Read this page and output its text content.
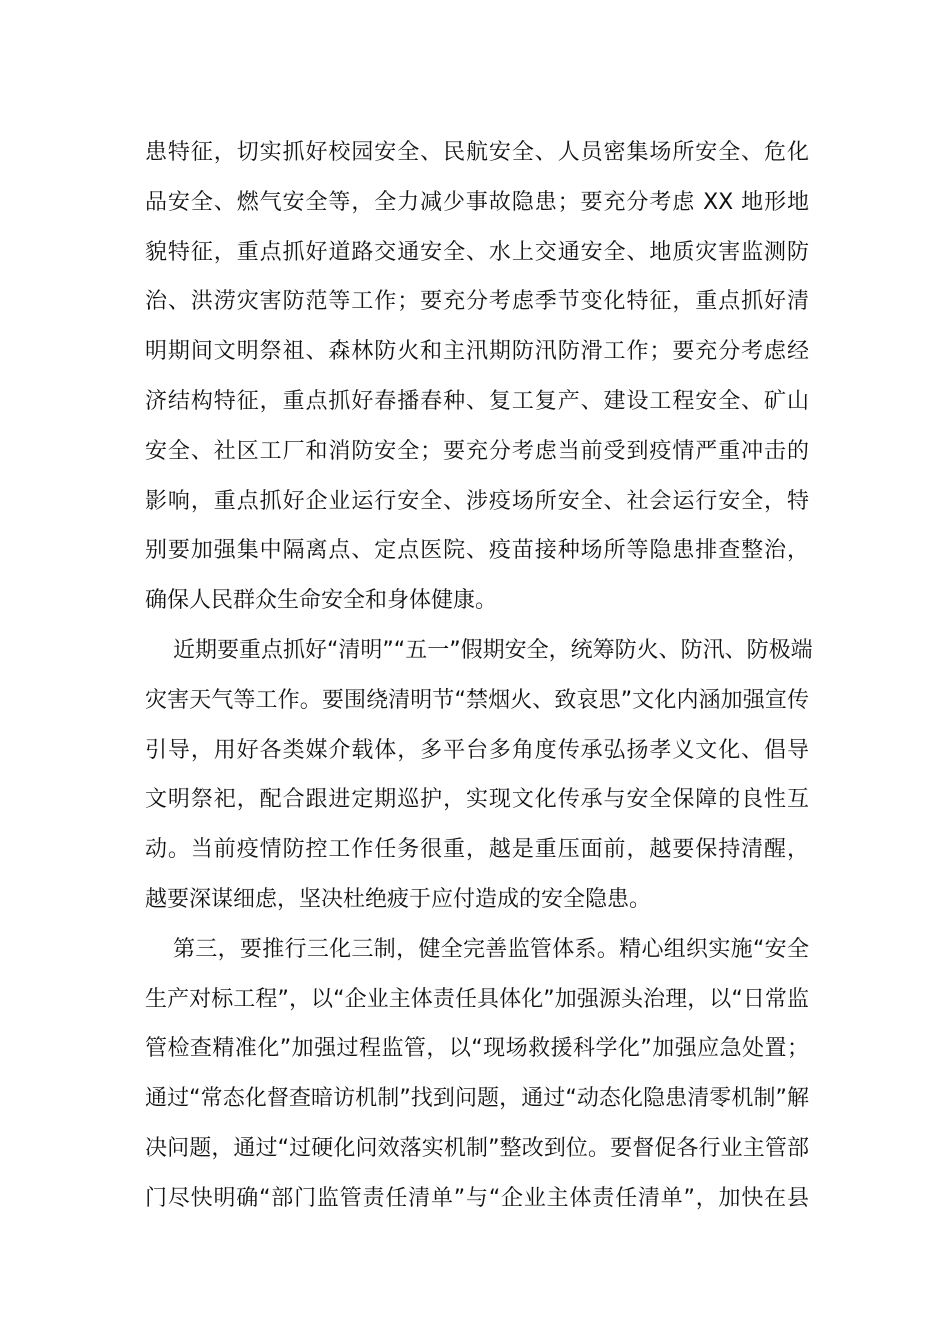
患特征，切实抓好校园安全、民航安全、人员密集场所安全、危化
品安全、燃气安全等，全力减少事故隐患；要充分考虑 XX 地形地
貌特征，重点抓好道路交通安全、水上交通安全、地质灾害监测防
治、洪涝灾害防范等工作；要充分考虑季节变化特征，重点抓好清
明期间文明祭祖、森林防火和主汛期防汛防滑工作；要充分考虑经
济结构特征，重点抓好春播春种、复工复产、建设工程安全、矿山
安全、社区工厂和消防安全；要充分考虑当前受到疫情严重冲击的
影响，重点抓好企业运行安全、涉疫场所安全、社会运行安全，特
别要加强集中隔离点、定点医院、疫苗接种场所等隐患排查整治，
确保人民群众生命安全和身体健康。
近期要重点抓好“清明”“五一”假期安全，统筹防火、防汛、防极端
灾害天气等工作。要围绕清明节“禁烟火、致哀思”文化内涵加强宣传
引导，用好各类媒介载体，多平台多角度传承弘扬孝义文化、倡导
文明祭祀，配合跟进定期巡护，实现文化传承与安全保障的良性互
动。当前疫情防控工作任务很重，越是重压面前，越要保持清醒，
越要深谋细虑，坚决杜绝疲于应付造成的安全隐患。
第三，要推行三化三制，健全完善监管体系。精心组织实施“安全
生产对标工程”，以“企业主体责任具体化”加强源头治理，以“日常监
管检查精准化”加强过程监管，以“现场救援科学化”加强应急处置；
通过“常态化督查暗访机制”找到问题，通过“动态化隐患清零机制”解
决问题，通过“过硬化问效落实机制”整改到位。要督促各行业主管部
门尽快明确“部门监管责任清单”与“企业主体责任清单”，加快在县
